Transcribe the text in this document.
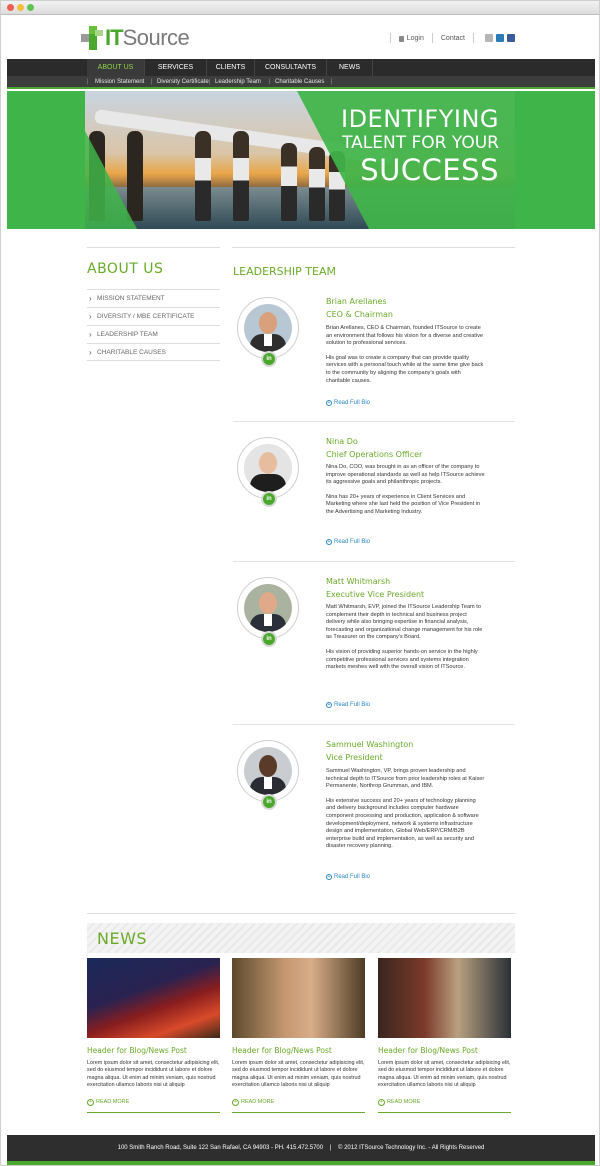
IT Source	Login Contact
ABOUT US	SERVICES	CLIENTS	CONSULTANTS	NEWS
| Mission Statement | Diversity Certificate | Leadership Team | Charitable Causes |
IDENTIFYING
TALENT FOR YOUR
SUCCESS
ABOUT US
› MISSION STATEMENT
› DIVERSITY / MBE CERTIFICATE
› LEADERSHIP TEAM
› CHARITABLE CAUSES
LEADERSHIP TEAM
in
Brian Arellanes
CEO & Chairman

Brian Arellanes, CEO & Chairman, founded ITSource to create an environment that follows his vision for a diverse and creative solution to professional services.

His goal was to create a company that can provide quality services with a personal touch while at the same time give back to the community by aligning the company's goals with charitable causes.

+ Read Full Bio
in
Nina Do
Chief Operations Officer

Nina Do, COO, was brought in as an officer of the company to improve operational standards as well as help ITSource achieve its aggressive goals and philanthropic projects.

Nina has 20+ years of experience in Client Services and Marketing where she last held the position of Vice President in the Advertising and Marketing Industry.

+ Read Full Bio
in
Matt Whitmarsh
Executive Vice President

Matt Whitmarsh, EVP, joined the ITSource Leadership Team to complement their depth in technical and business project delivery while also bringing expertise in financial analysis, forecasting and organizational change management for his role as Treasurer on the company's Board.

His vision of providing superior hands-on service in the highly competitive professional services and systems integration markets meshes well with the overall vision of ITSource.

+ Read Full Bio
in
Sammuel Washington
Vice President

Sammuel Washington, VP, brings proven leadership and technical depth to ITSource from prior leadership roles at Kaiser Permanente, Northrop Grumman, and IBM.

His extensive success and 20+ years of technology planning and delivery background includes computer hardware component processing and production, application & software development/deployment, network & systems infrastructure design and implementation, Global Web/ERP/CRM/B2B enterprise build and implementation, as well as security and disaster recovery planning.

+ Read Full Bio
NEWS
Header for Blog/News Post
Lorem ipsum dolor sit amet, consectetur adipisicing elit, sed do eiusmod tempor incididunt ut labore et dolore magna aliqua. Ut enim ad minim veniam, quis nostrud exercitation ullamco laboris nisi ut aliquip
+ READ MORE
Header for Blog/News Post
Lorem ipsum dolor sit amet, consectetur adipisicing elit, sed do eiusmod tempor incididunt ut labore et dolore magna aliqua. Ut enim ad minim veniam, quis nostrud exercitation ullamco laboris nisi ut aliquip
+ READ MORE
Header for Blog/News Post
Lorem ipsum dolor sit amet, consectetur adipisicing elit, sed do eiusmod tempor incididunt ut labore et dolore magna aliqua. Ut enim ad minim veniam, quis nostrud exercitation ullamco laboris nisi ut aliquip
+ READ MORE
100 Smith Ranch Road, Suite 122 San Rafael, CA 94903 - PH. 415.472.5700 | © 2012 ITSource Technology Inc. - All Rights Reserved
